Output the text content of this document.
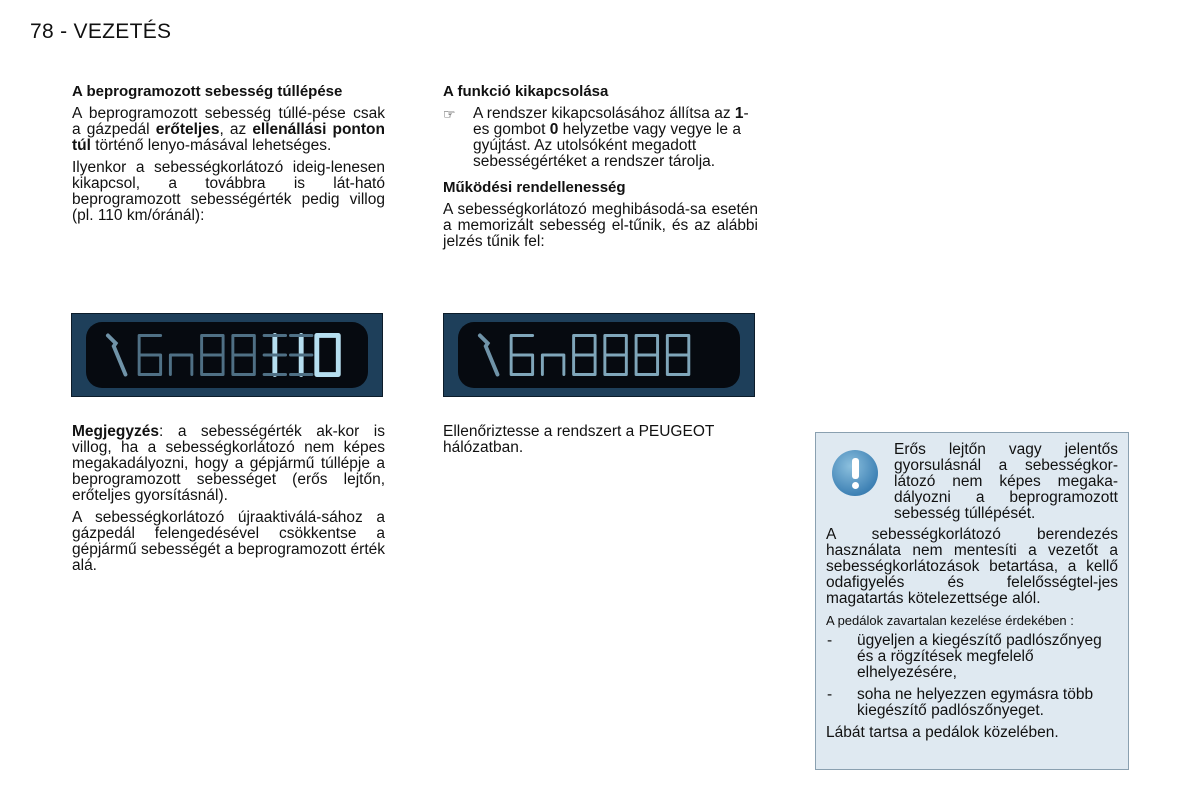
78 - VEZETÉS
A beprogramozott sebesség túllépése
A beprogramozott sebesség túllé-pése csak a gázpedál erőteljes, az ellenállási ponton túl történő lenyo-másával lehetséges.
Ilyenkor a sebességkorlátozó ideig-lenesen kikapcsol, a továbbra is lát-ható beprogramozott sebességérték pedig villog (pl. 110 km/óránál):
A funkció kikapcsolása
☞	A rendszer kikapcsolásához állítsa az 1-es gombot 0 helyzetbe vagy vegye le a gyújtást. Az utolsóként megadott sebességértéket a rendszer tárolja.
Működési rendellenesség
A sebességkorlátozó meghibásodá-sa esetén a memorizált sebesség el-tűnik, és az alábbi jelzés tűnik fel:
Megjegyzés: a sebességérték ak-kor is villog, ha a sebességkorlátozó nem képes megakadályozni, hogy a gépjármű túllépje a beprogramozott sebességet (erős lejtőn, erőteljes gyorsításnál).
A sebességkorlátozó újraaktiválá-sához a gázpedál felengedésével csökkentse a gépjármű sebességét a beprogramozott érték alá.
Ellenőriztesse a rendszert a PEUGEOT hálózatban.	Erős lejtőn vagy jelentős gyorsulásnál a sebességkor-látozó nem képes megaka-dályozni a beprogramozott sebesség túllépését.
A sebességkorlátozó berendezés használata nem mentesíti a vezetőt a sebességkorlátozások betartása, a kellő odafigyelés és felelősségtel-jes magatartás kötelezettsége alól.
A pedálok zavartalan kezelése érdekében :
-	ügyeljen a kiegészítő padlószőnyeg és a rögzítések megfelelő elhelyezésére,
-	soha ne helyezzen egymásra több kiegészítő padlószőnyeget.
Lábát tartsa a pedálok közelében.
